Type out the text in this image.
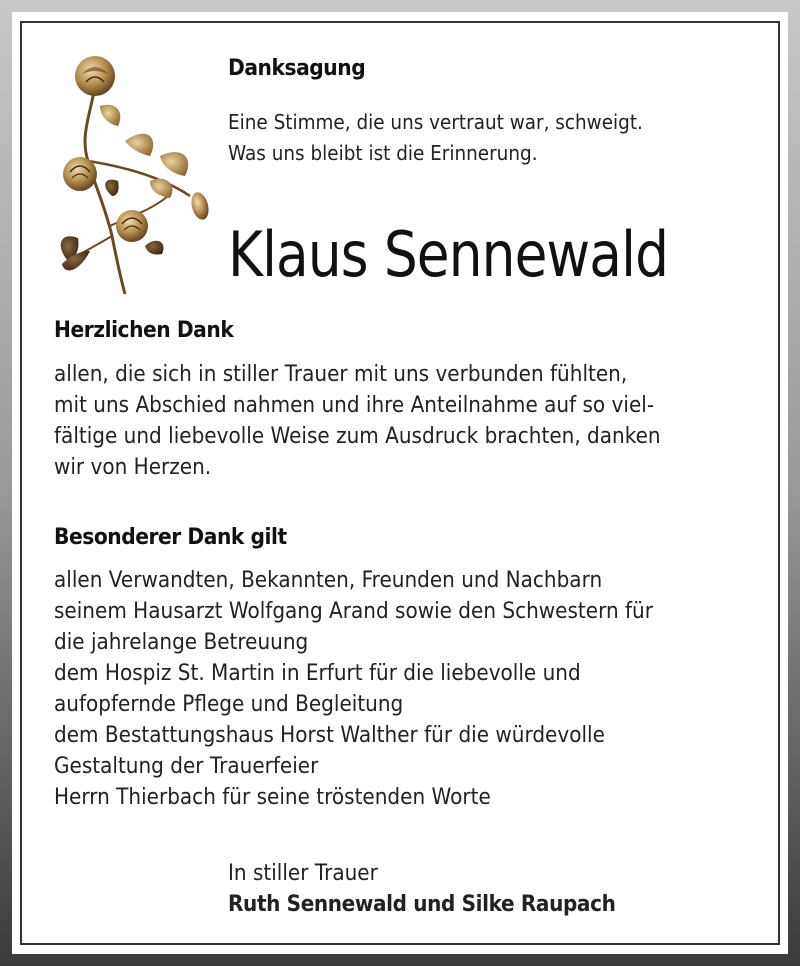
Danksagung
Eine Stimme, die uns vertraut war, schweigt.
Was uns bleibt ist die Erinnerung.
Klaus Sennewald
Herzlichen Dank
allen, die sich in stiller Trauer mit uns verbunden fühlten,
mit uns Abschied nahmen und ihre Anteilnahme auf so viel-
fältige und liebevolle Weise zum Ausdruck brachten, danken
wir von Herzen.
Besonderer Dank gilt
allen Verwandten, Bekannten, Freunden und Nachbarn
seinem Hausarzt Wolfgang Arand sowie den Schwestern für
die jahrelange Betreuung
dem Hospiz St. Martin in Erfurt für die liebevolle und
aufopfernde Pflege und Begleitung
dem Bestattungshaus Horst Walther für die würdevolle
Gestaltung der Trauerfeier
Herrn Thierbach für seine tröstenden Worte
In stiller Trauer
Ruth Sennewald und Silke Raupach
